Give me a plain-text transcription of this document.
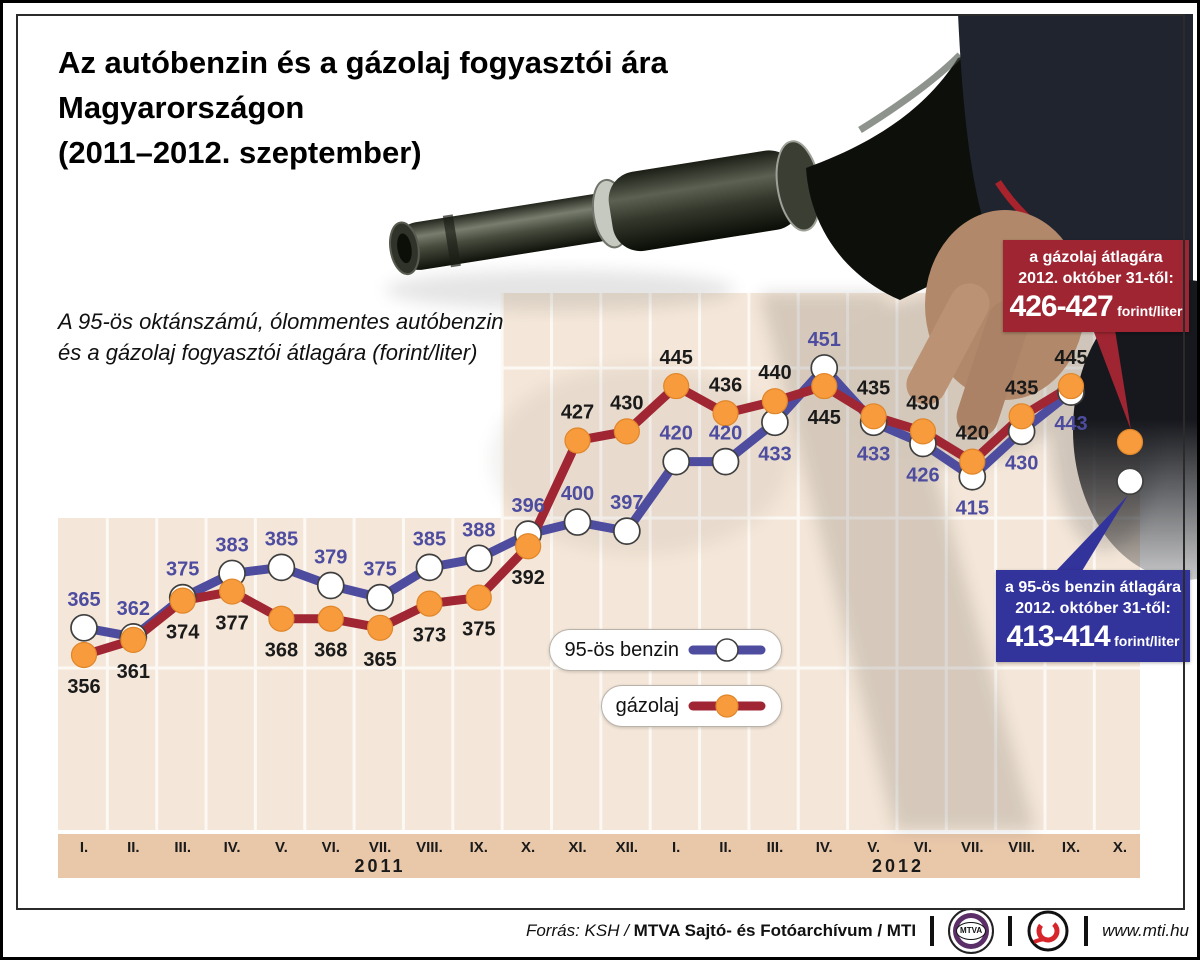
365 362
375
383 385
379
375
385 388
396
400 397
420 420
433
451
433
426
415
430
443
356
361
374 377
368 368 365
373 375
392
427 430
445
436
440
445
435
430
420
435
445
I.	II. III. IV. V. VI. VII. VIII. IX. X. XI. XII. I.	II. III. IV. V. VI. VII. VIII. IX. X.
2011	2012
Az autóbenzin és a gázolaj fogyasztói ára
Magyarországon
(2011–2012. szeptember)
A 95-ös oktánszámú, ólommentes autóbenzin
és a gázolaj fogyasztói átlagára (forint/liter)
95-ös benzin
gázolaj
a gázolaj átlagára
2012. október 31-től:
426-427 forint/liter
a 95-ös benzin átlagára
2012. október 31-től:
413-414 forint/liter
Forrás: KSH / MTVA Sajtó- és Fotóarchívum / MTI	MTVA	www.mti.hu
